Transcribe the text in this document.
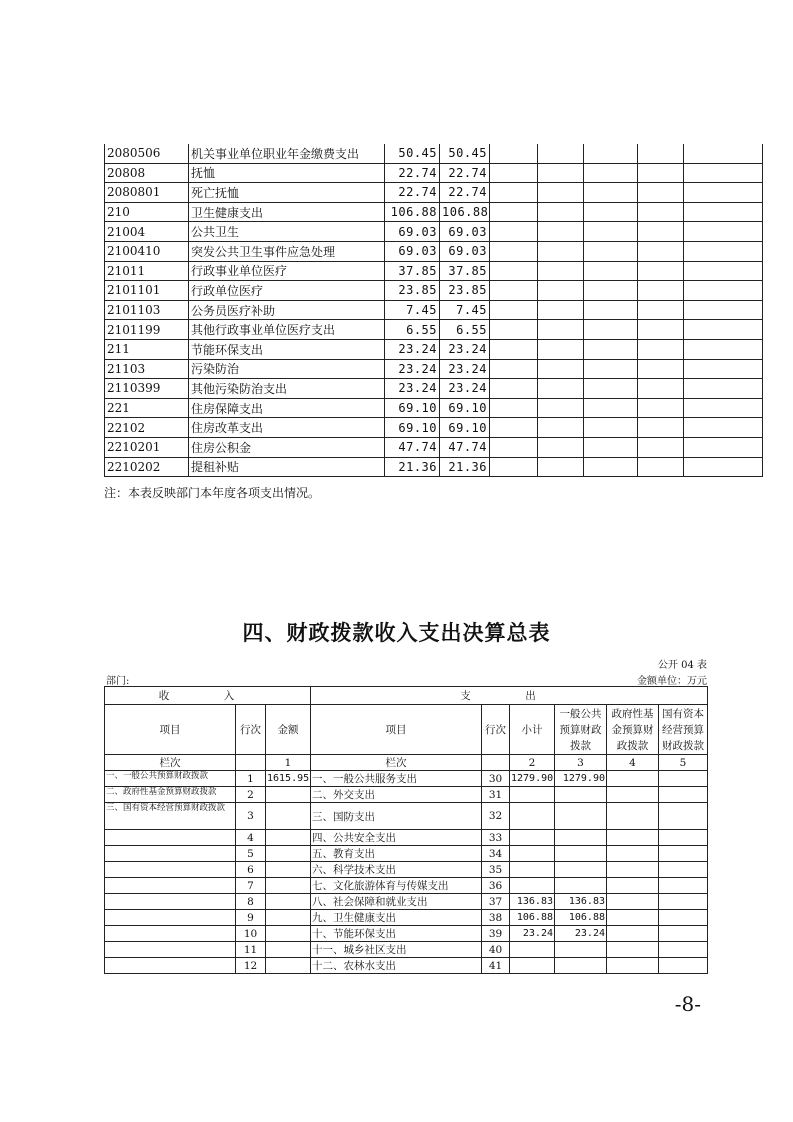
2080506	机关事业单位职业年金缴费支出	50.45	50.45					
20808	抚恤	22.74	22.74					
2080801	死亡抚恤	22.74	22.74					
210	卫生健康支出	106.88	106.88					
21004	公共卫生	69.03	69.03					
2100410	突发公共卫生事件应急处理	69.03	69.03					
21011	行政事业单位医疗	37.85	37.85					
2101101	行政单位医疗	23.85	23.85					
2101103	公务员医疗补助	7.45	7.45					
2101199	其他行政事业单位医疗支出	6.55	6.55					
211	节能环保支出	23.24	23.24					
21103	污染防治	23.24	23.24					
2110399	其他污染防治支出	23.24	23.24					
221	住房保障支出	69.10	69.10					
22102	住房改革支出	69.10	69.10					
2210201	住房公积金	47.74	47.74					
2210202	提租补贴	21.36	21.36					
注：本表反映部门本年度各项支出情况。
四、财政拨款收入支出决算总表
公开 04 表
部门:	金额单位：万元
收　入			支　出					
项目	行次	金额	项目	行次	小计	一般公共预算财政拨款	政府性基金预算财政拨款	国有资本经营预算财政拨款
栏次		1	栏次		2	3	4	5
一、一般公共预算财政拨款	1	1615.95	一、一般公共服务支出	30	1279.90	1279.90		
二、政府性基金预算财政拨款	2		二、外交支出	31				
三、国有资本经营预算财政拨款	3		三、国防支出	32				
	4		四、公共安全支出	33				
	5		五、教育支出	34				
	6		六、科学技术支出	35				
	7		七、文化旅游体育与传媒支出	36				
	8		八、社会保障和就业支出	37	136.83	136.83		
	9		九、卫生健康支出	38	106.88	106.88		
	10		十、节能环保支出	39	23.24	23.24		
	11		十一、城乡社区支出	40				
	12		十二、农林水支出	41				
-8-
